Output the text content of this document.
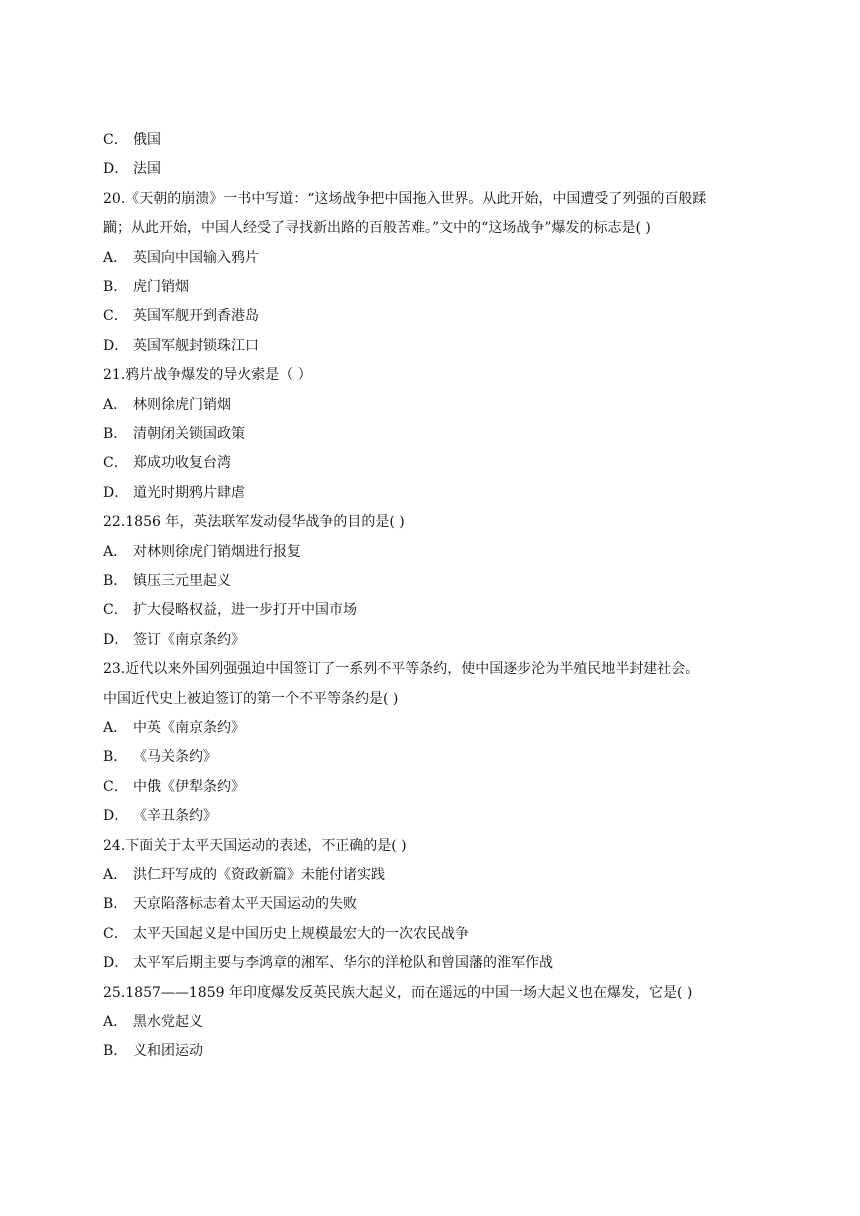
C． 俄国
D． 法国
20.《天朝的崩溃》一书中写道：“这场战争把中国拖入世界。从此开始，中国遭受了列强的百般蹂
躏；从此开始，中国人经受了寻找新出路的百般苦难。”文中的“这场战争”爆发的标志是( )
A． 英国向中国输入鸦片
B． 虎门销烟
C． 英国军舰开到香港岛
D． 英国军舰封锁珠江口
21.鸦片战争爆发的导火索是（ ）
A． 林则徐虎门销烟
B． 清朝闭关锁国政策
C． 郑成功收复台湾
D． 道光时期鸦片肆虐
22.1856 年，英法联军发动侵华战争的目的是( )
A． 对林则徐虎门销烟进行报复
B． 镇压三元里起义
C． 扩大侵略权益，进一步打开中国市场
D． 签订《南京条约》
23.近代以来外国列强强迫中国签订了一系列不平等条约，使中国逐步沦为半殖民地半封建社会。
中国近代史上被迫签订的第一个不平等条约是( )
A． 中英《南京条约》
B． 《马关条约》
C． 中俄《伊犁条约》
D． 《辛丑条约》
24.下面关于太平天国运动的表述，不正确的是( )
A． 洪仁玕写成的《资政新篇》未能付诸实践
B． 天京陷落标志着太平天国运动的失败
C． 太平天国起义是中国历史上规模最宏大的一次农民战争
D． 太平军后期主要与李鸿章的湘军、华尔的洋枪队和曾国藩的淮军作战
25.1857——1859 年印度爆发反英民族大起义，而在遥远的中国一场大起义也在爆发，它是( )
A． 黑水党起义
B． 义和团运动
